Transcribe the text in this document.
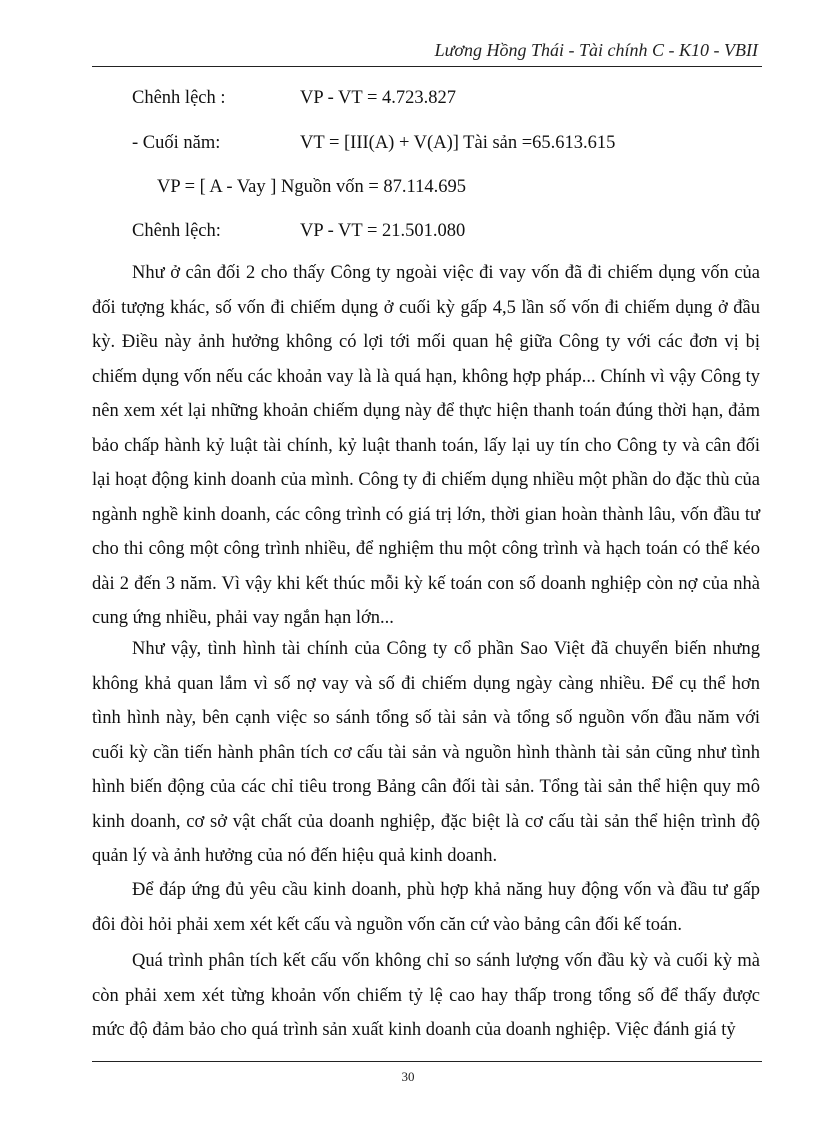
Lương Hồng Thái - Tài chính C - K10 - VBII
Chênh lệch :	VP - VT = 4.723.827
- Cuối năm:	VT = [III(A) + V(A)] Tài sản =65.613.615
VP = [ A - Vay ] Nguồn vốn = 87.114.695
Chênh lệch:	VP - VT = 21.501.080

Như ở cân đối 2 cho thấy Công ty ngoài việc đi vay vốn đã đi chiếm dụng vốn của đối tượng khác, số vốn đi chiếm dụng ở cuối kỳ gấp 4,5 lần số vốn đi chiếm dụng ở đầu kỳ. Điều này ảnh hưởng không có lợi tới mối quan hệ giữa Công ty với các đơn vị bị chiếm dụng vốn nếu các khoản vay là là quá hạn, không hợp pháp... Chính vì vậy Công ty nên xem xét lại những khoản chiếm dụng này để thực hiện thanh toán đúng thời hạn, đảm bảo chấp hành kỷ luật tài chính, kỷ luật thanh toán, lấy lại uy tín cho Công ty và cân đối lại hoạt động kinh doanh của mình. Công ty đi chiếm dụng nhiều một phần do đặc thù của ngành nghề kinh doanh, các công trình có giá trị lớn, thời gian hoàn thành lâu, vốn đầu tư cho thi công một công trình nhiều, để nghiệm thu một công trình và hạch toán có thể kéo dài 2 đến 3 năm. Vì vậy khi kết thúc mỗi kỳ kế toán con số doanh nghiệp còn nợ của nhà cung ứng nhiều, phải vay ngắn hạn lớn...

Như vậy, tình hình tài chính của Công ty cổ phần Sao Việt đã chuyển biến nhưng không khả quan lắm vì số nợ vay và số đi chiếm dụng ngày càng nhiều. Để cụ thể hơn tình hình này, bên cạnh việc so sánh tổng số tài sản và tổng số nguồn vốn đầu năm với cuối kỳ cần tiến hành phân tích cơ cấu tài sản và nguồn hình thành tài sản cũng như tình hình biến động của các chỉ tiêu trong Bảng cân đối tài sản. Tổng tài sản thể hiện quy mô kinh doanh, cơ sở vật chất của doanh nghiệp, đặc biệt là cơ cấu tài sản thể hiện trình độ quản lý và ảnh hưởng của nó đến hiệu quả kinh doanh.

Để đáp ứng đủ yêu cầu kinh doanh, phù hợp khả năng huy động vốn và đầu tư gấp đôi đòi hỏi phải xem xét kết cấu và nguồn vốn căn cứ vào bảng cân đối kế toán.

Quá trình phân tích kết cấu vốn không chỉ so sánh lượng vốn đầu kỳ và cuối kỳ mà còn phải xem xét từng khoản vốn chiếm tỷ lệ cao hay thấp trong tổng số để thấy được mức độ đảm bảo cho quá trình sản xuất kinh doanh của doanh nghiệp. Việc đánh giá tỷ

30
